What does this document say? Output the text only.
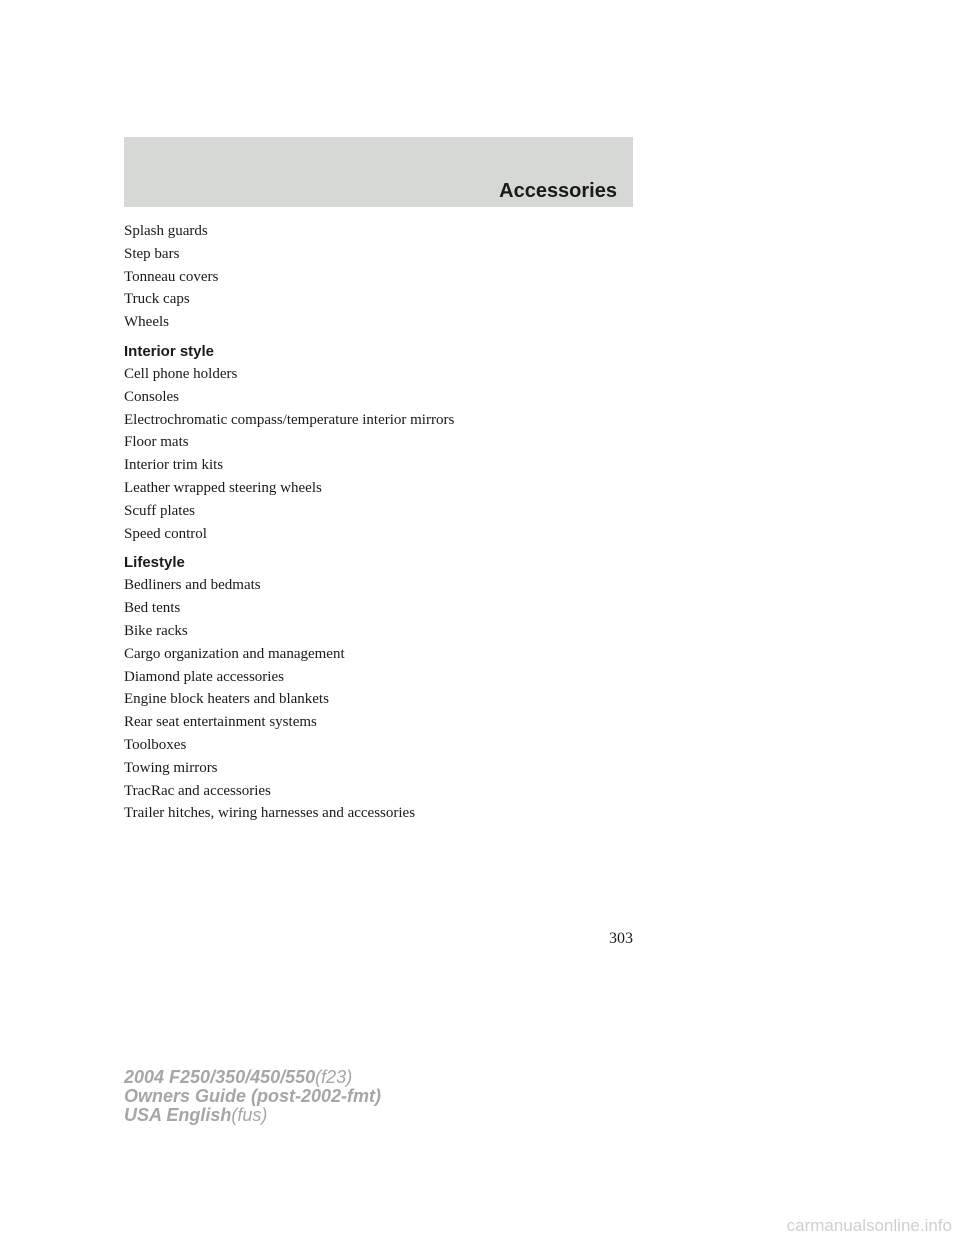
Accessories
Splash guards
Step bars
Tonneau covers
Truck caps
Wheels
Interior style
Cell phone holders
Consoles
Electrochromatic compass/temperature interior mirrors
Floor mats
Interior trim kits
Leather wrapped steering wheels
Scuff plates
Speed control
Lifestyle
Bedliners and bedmats
Bed tents
Bike racks
Cargo organization and management
Diamond plate accessories
Engine block heaters and blankets
Rear seat entertainment systems
Toolboxes
Towing mirrors
TracRac and accessories
Trailer hitches, wiring harnesses and accessories
303
2004 F250/350/450/550(f23)
Owners Guide (post-2002-fmt)
USA English(fus)
carmanualsonline.info
